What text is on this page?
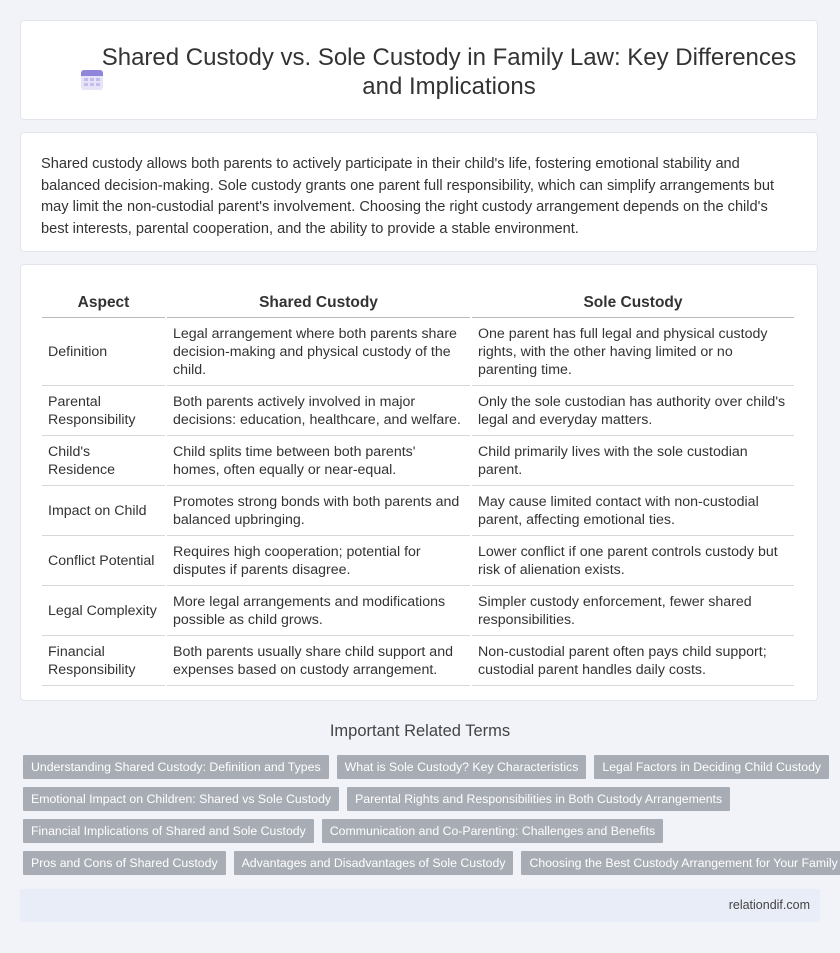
Shared Custody vs. Sole Custody in Family Law: Key Differences and Implications

Shared custody allows both parents to actively participate in their child's life, fostering emotional stability and balanced decision-making. Sole custody grants one parent full responsibility, which can simplify arrangements but may limit the non-custodial parent's involvement. Choosing the right custody arrangement depends on the child's best interests, parental cooperation, and the ability to provide a stable environment.

Aspect	Shared Custody	Sole Custody
Definition	Legal arrangement where both parents share decision-making and physical custody of the child.	One parent has full legal and physical custody rights, with the other having limited or no parenting time.
Parental Responsibility	Both parents actively involved in major decisions: education, healthcare, and welfare.	Only the sole custodian has authority over child's legal and everyday matters.
Child's Residence	Child splits time between both parents' homes, often equally or near-equal.	Child primarily lives with the sole custodian parent.
Impact on Child	Promotes strong bonds with both parents and balanced upbringing.	May cause limited contact with non-custodial parent, affecting emotional ties.
Conflict Potential	Requires high cooperation; potential for disputes if parents disagree.	Lower conflict if one parent controls custody but risk of alienation exists.
Legal Complexity	More legal arrangements and modifications possible as child grows.	Simpler custody enforcement, fewer shared responsibilities.
Financial Responsibility	Both parents usually share child support and expenses based on custody arrangement.	Non-custodial parent often pays child support; custodial parent handles daily costs.
Important Related Terms
Understanding Shared Custody: Definition and Types	What is Sole Custody? Key Characteristics	Legal Factors in Deciding Child Custody
Emotional Impact on Children: Shared vs Sole Custody	Parental Rights and Responsibilities in Both Custody Arrangements
Financial Implications of Shared and Sole Custody	Communication and Co-Parenting: Challenges and Benefits
Pros and Cons of Shared Custody	Advantages and Disadvantages of Sole Custody	Choosing the Best Custody Arrangement for Your Family
relationdif.com
